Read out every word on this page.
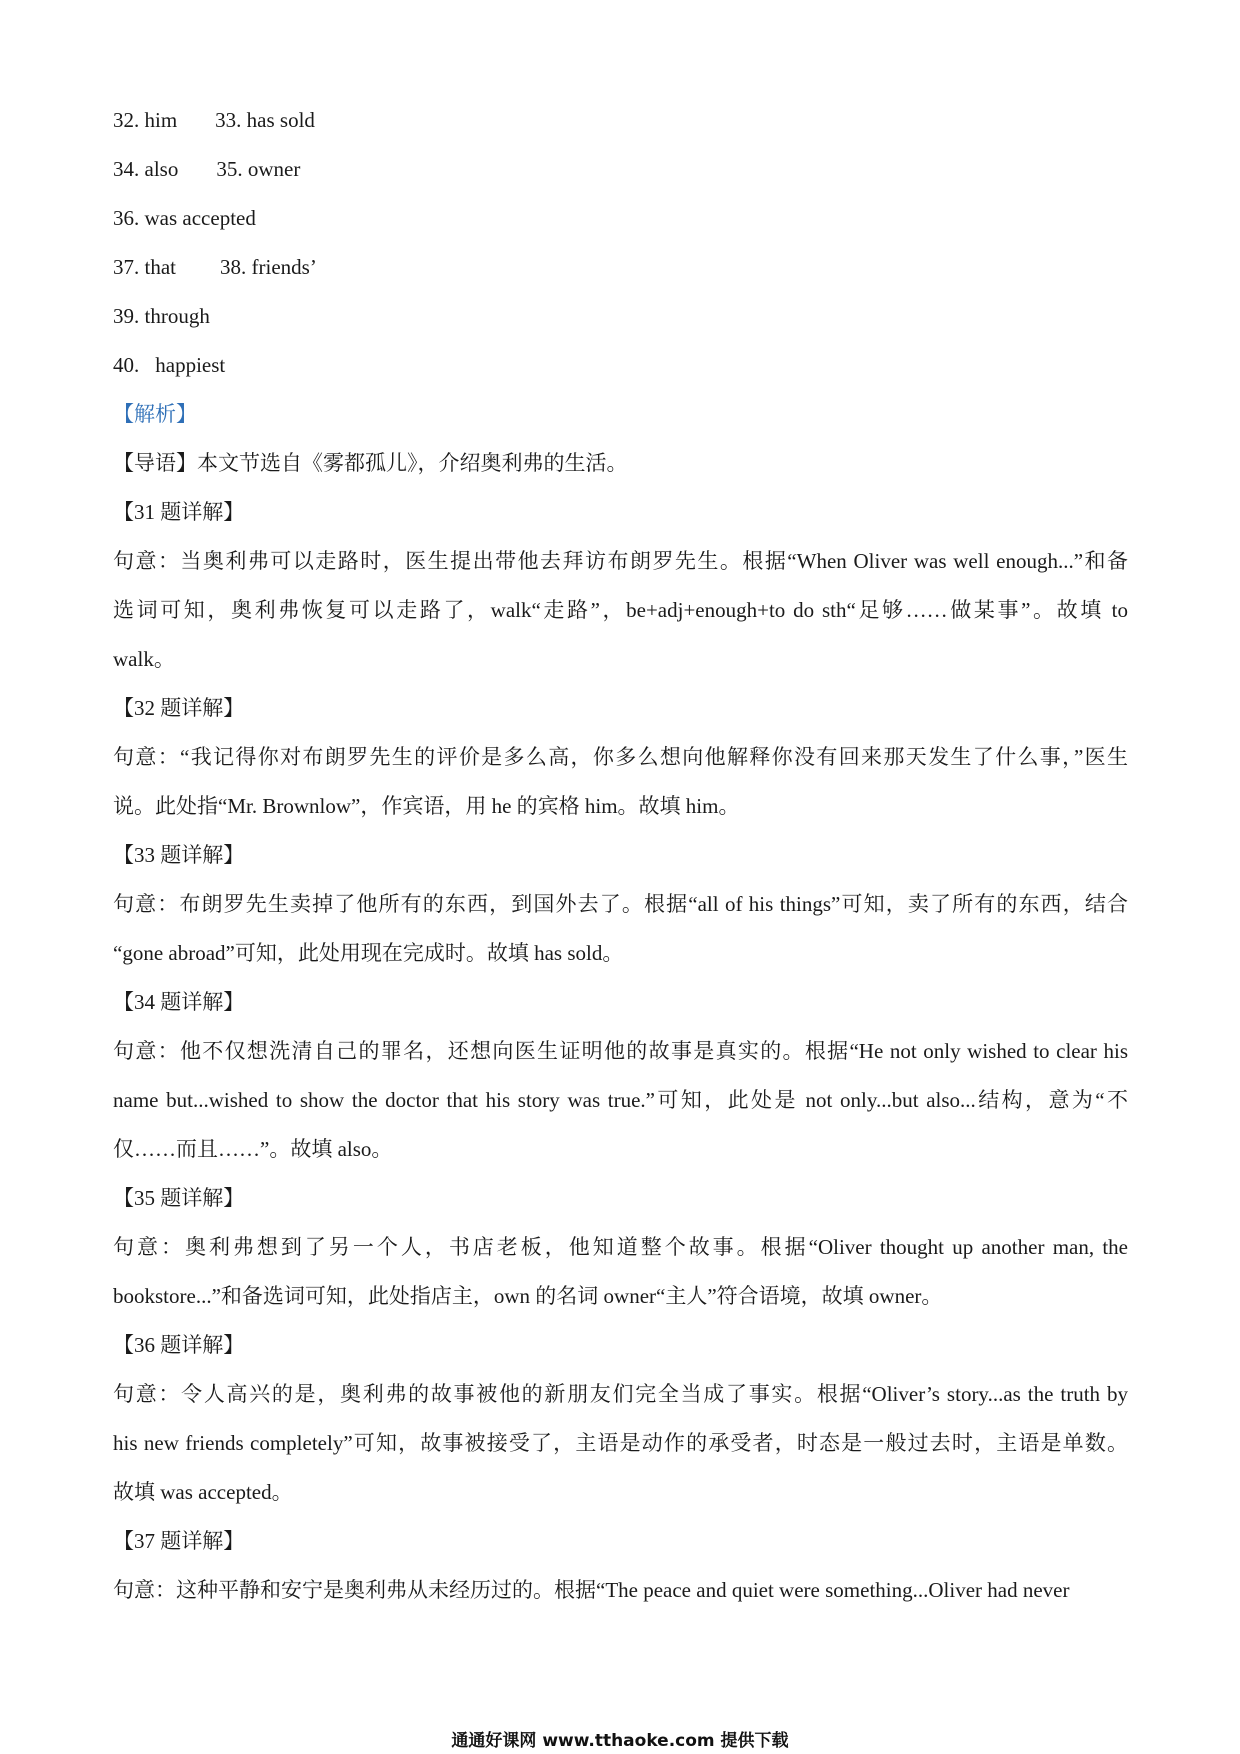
32. him 33. has sold
34. also 35. owner
36. was accepted
37. that 38. friends’
39. through
40. happiest
【解析】
【导语】本文节选自《雾都孤儿》，介绍奥利弗的生活。
【31 题详解】
句意：当奥利弗可以走路时，医生提出带他去拜访布朗罗先生。根据“When Oliver was well enough...”和备
选词可知，奥利弗恢复可以走路了，walk“走路”，be+adj+enough+to do sth“足够……做某事”。故填 to
walk。
【32 题详解】
句意：“我记得你对布朗罗先生的评价是多么高，你多么想向他解释你没有回来那天发生了什么事，”医生
说。此处指“Mr. Brownlow”，作宾语，用 he 的宾格 him。故填 him。
【33 题详解】
句意：布朗罗先生卖掉了他所有的东西，到国外去了。根据“all of his things”可知，卖了所有的东西，结合
“gone abroad”可知，此处用现在完成时。故填 has sold。
【34 题详解】
句意：他不仅想洗清自己的罪名，还想向医生证明他的故事是真实的。根据“He not only wished to clear his
name but...wished to show the doctor that his story was true.”可知，此处是 not only...but also...结构，意为“不
仅……而且……”。故填 also。
【35 题详解】
句意：奥利弗想到了另一个人，书店老板，他知道整个故事。根据“Oliver thought up another man, the
bookstore...”和备选词可知，此处指店主，own 的名词 owner“主人”符合语境，故填 owner。
【36 题详解】
句意：令人高兴的是，奥利弗的故事被他的新朋友们完全当成了事实。根据“Oliver’s story...as the truth by
his new friends completely”可知，故事被接受了，主语是动作的承受者，时态是一般过去时，主语是单数。
故填 was accepted。
【37 题详解】
句意：这种平静和安宁是奥利弗从未经历过的。根据“The peace and quiet were something...Oliver had never
通通好课网 www.tthaoke.com 提供下载
